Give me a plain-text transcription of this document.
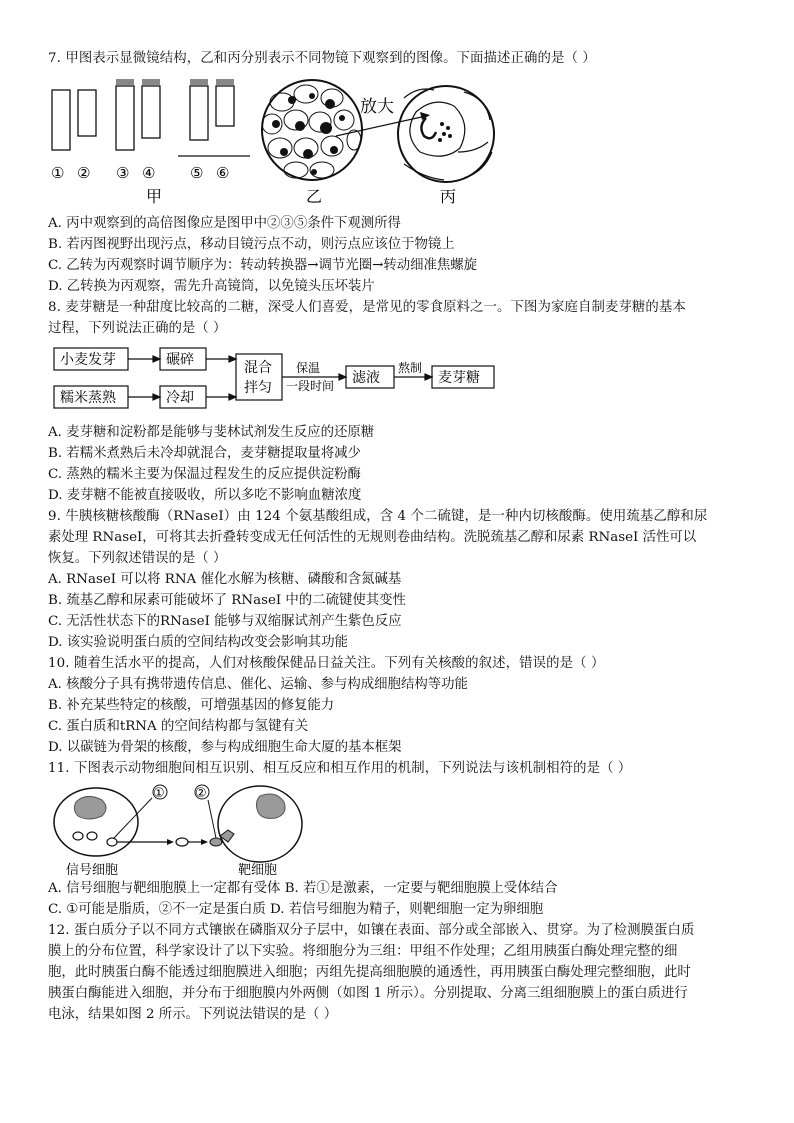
7. 甲图表示显微镜结构，乙和丙分别表示不同物镜下观察到的图像。下面描述正确的是（ ）
① ② ③ ④ ⑤ ⑥
甲	乙
放大
丙
A. 丙中观察到的高倍图像应是图甲中②③⑤条件下观测所得
B. 若丙图视野出现污点，移动目镜污点不动，则污点应该位于物镜上
C. 乙转为丙观察时调节顺序为：转动转换器→调节光圈→转动细准焦螺旋
D. 乙转换为丙观察，需先升高镜筒，以免镜头压坏装片
8. 麦芽糖是一种甜度比较高的二糖，深受人们喜爱，是常见的零食原料之一。下图为家庭自制麦芽糖的基本
过程，下列说法正确的是（ ）
小麦发芽	碾碎
糯米蒸熟	冷却
混合
拌匀
保温
一段时间 滤液
熬制
麦芽糖
A. 麦芽糖和淀粉都是能够与斐林试剂发生反应的还原糖
B. 若糯米煮熟后未冷却就混合，麦芽糖提取量将减少
C. 蒸熟的糯米主要为保温过程发生的反应提供淀粉酶
D. 麦芽糖不能被直接吸收，所以多吃不影响血糖浓度
9. 牛胰核糖核酸酶（RNaseI）由 124 个氨基酸组成，含 4 个二硫键，是一种内切核酸酶。使用巯基乙醇和尿
素处理 RNaseI，可将其去折叠转变成无任何活性的无规则卷曲结构。洗脱巯基乙醇和尿素 RNaseI 活性可以
恢复。下列叙述错误的是（ ）
A. RNaseI 可以将 RNA 催化水解为核糖、磷酸和含氮碱基
B. 巯基乙醇和尿素可能破坏了 RNaseI 中的二硫键使其变性
C. 无活性状态下的RNaseI 能够与双缩脲试剂产生紫色反应
D. 该实验说明蛋白质的空间结构改变会影响其功能
10. 随着生活水平的提高，人们对核酸保健品日益关注。下列有关核酸的叙述，错误的是（ ）
A. 核酸分子具有携带遗传信息、催化、运输、参与构成细胞结构等功能
B. 补充某些特定的核酸，可增强基因的修复能力
C. 蛋白质和tRNA 的空间结构都与氢键有关
D. 以碳链为骨架的核酸，参与构成细胞生命大厦的基本框架
11. 下图表示动物细胞间相互识别、相互反应和相互作用的机制，下列说法与该机制相符的是（ ）
① ②
信号细胞	靶细胞
A. 信号细胞与靶细胞膜上一定都有受体 B. 若①是激素，一定要与靶细胞膜上受体结合
C. ①可能是脂质，②不一定是蛋白质 D. 若信号细胞为精子，则靶细胞一定为卵细胞
12. 蛋白质分子以不同方式镶嵌在磷脂双分子层中，如镶在表面、部分或全部嵌入、贯穿。为了检测膜蛋白质
膜上的分布位置，科学家设计了以下实验。将细胞分为三组：甲组不作处理；乙组用胰蛋白酶处理完整的细
胞，此时胰蛋白酶不能透过细胞膜进入细胞；丙组先提高细胞膜的通透性，再用胰蛋白酶处理完整细胞，此时
胰蛋白酶能进入细胞，并分布于细胞膜内外两侧（如图 1 所示）。分别提取、分离三组细胞膜上的蛋白质进行
电泳，结果如图 2 所示。下列说法错误的是（ ）
